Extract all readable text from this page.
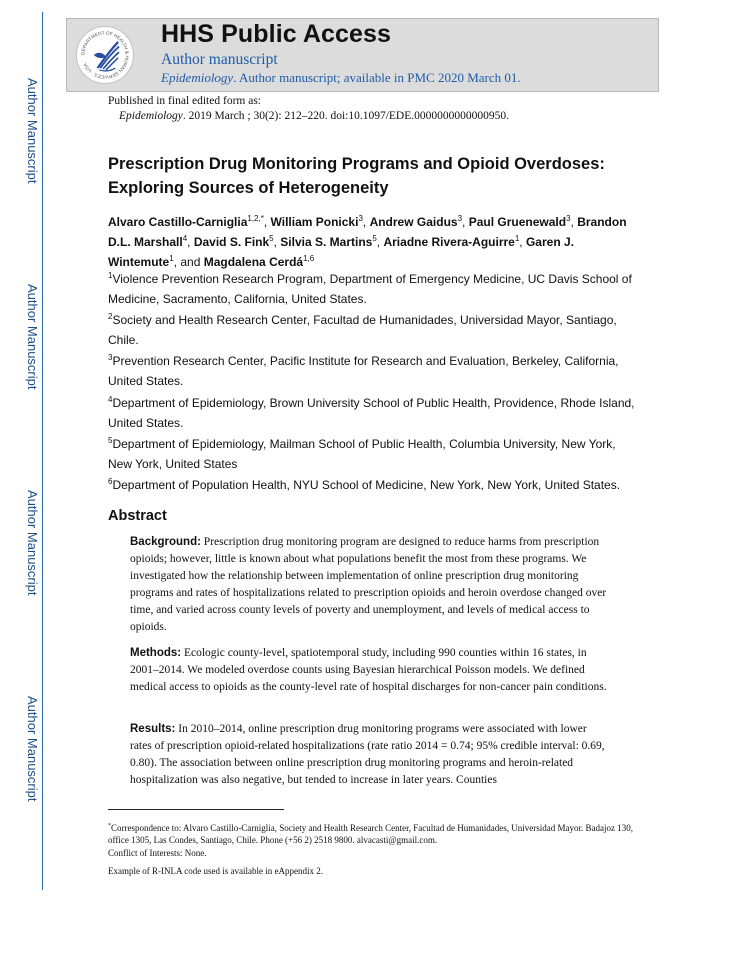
Author Manuscript
Author Manuscript
Author Manuscript
Author Manuscript
DEPARTMENT OF HEALTH & HUMAN SERVICES · USA
HHS Public Access
Author manuscript
Epidemiology. Author manuscript; available in PMC 2020 March 01.
Published in final edited form as:
Epidemiology. 2019 March ; 30(2): 212–220. doi:10.1097/EDE.0000000000000950.
Prescription Drug Monitoring Programs and Opioid Overdoses:
Exploring Sources of Heterogeneity
Alvaro Castillo-Carniglia$^{1,2,*}$, William Ponicki$^3$, Andrew Gaidus$^3$, Paul Gruenewald$^3$, Brandon D.L. Marshall$^4$, David S. Fink$^5$, Silvia S. Martins$^5$, Ariadne Rivera-Aguirre$^1$, Garen J. Wintemute$^1$, and Magdalena Cerdá$^{1,6}$
$^1$Violence Prevention Research Program, Department of Emergency Medicine, UC Davis School of Medicine, Sacramento, California, United States.
$^2$Society and Health Research Center, Facultad de Humanidades, Universidad Mayor, Santiago, Chile.
$^3$Prevention Research Center, Pacific Institute for Research and Evaluation, Berkeley, California, United States.
$^4$Department of Epidemiology, Brown University School of Public Health, Providence, Rhode Island, United States.
$^5$Department of Epidemiology, Mailman School of Public Health, Columbia University, New York, New York, United States
$^6$Department of Population Health, NYU School of Medicine, New York, New York, United States.
Abstract
Background: Prescription drug monitoring program are designed to reduce harms from prescription opioids; however, little is known about what populations benefit the most from these programs. We investigated how the relationship between implementation of online prescription drug monitoring programs and rates of hospitalizations related to prescription opioids and heroin overdose changed over time, and varied across county levels of poverty and unemployment, and levels of medical access to opioids.
Methods: Ecologic county-level, spatiotemporal study, including 990 counties within 16 states, in 2001–2014. We modeled overdose counts using Bayesian hierarchical Poisson models. We defined medical access to opioids as the county-level rate of hospital discharges for non-cancer pain conditions.
Results: In 2010–2014, online prescription drug monitoring programs were associated with lower rates of prescription opioid-related hospitalizations (rate ratio 2014 = 0.74; 95% credible interval: 0.69, 0.80). The association between online prescription drug monitoring programs and heroin-related hospitalization was also negative, but tended to increase in later years. Counties
*Correspondence to: Alvaro Castillo-Carniglia, Society and Health Research Center, Facultad de Humanidades, Universidad Mayor. Badajoz 130, office 1305, Las Condes, Santiago, Chile. Phone (+56 2) 2518 9800. alvacasti@gmail.com.
Conflict of Interests: None.
Example of R-INLA code used is available in eAppendix 2.
